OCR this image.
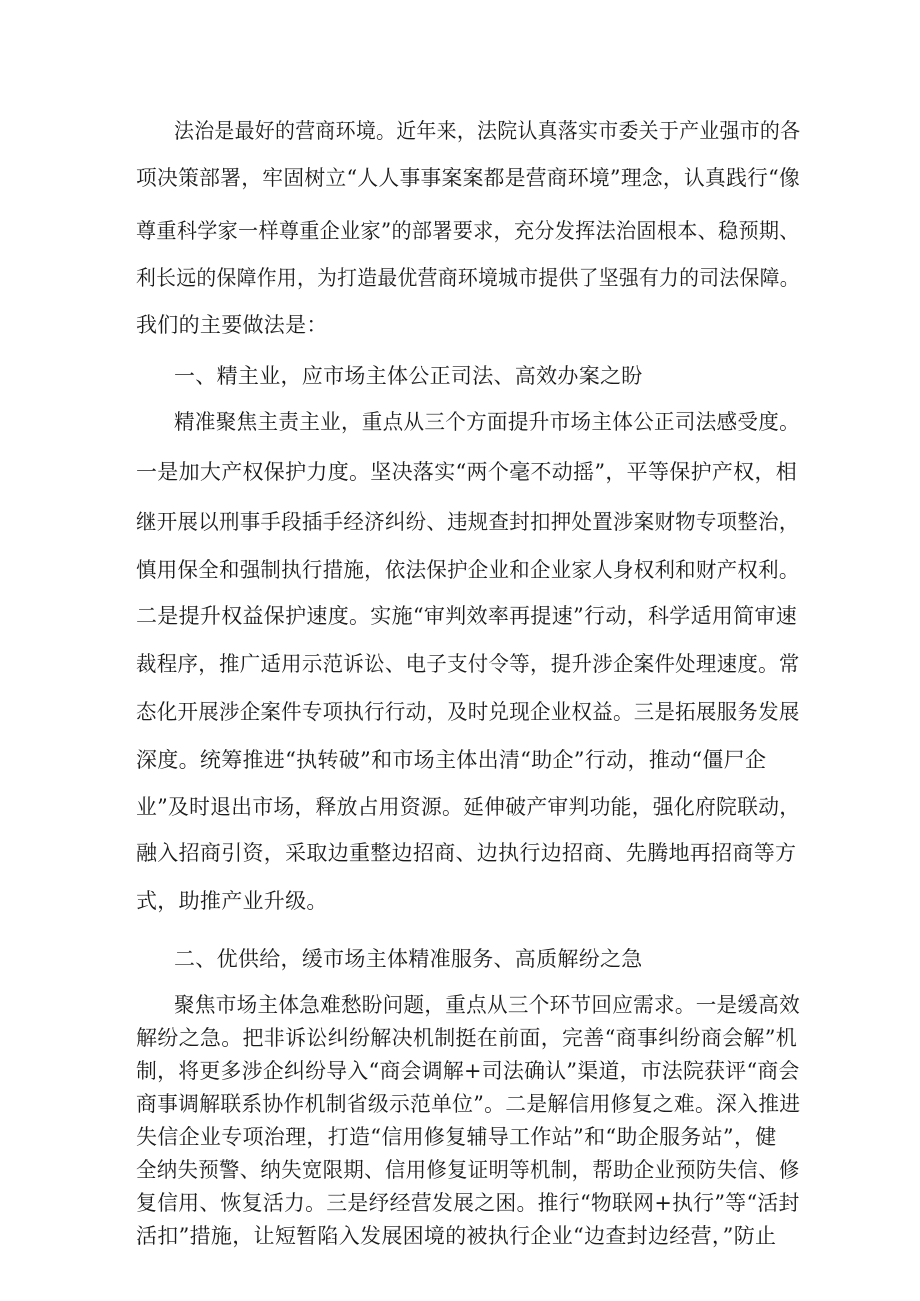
法治是最好的营商环境。近年来，法院认真落实市委关于产业强市的各

项决策部署，牢固树立“人人事事案案都是营商环境”理念，认真践行“像

尊重科学家一样尊重企业家”的部署要求，充分发挥法治固根本、稳预期、

利长远的保障作用，为打造最优营商环境城市提供了坚强有力的司法保障。

我们的主要做法是：

一、精主业，应市场主体公正司法、高效办案之盼

精准聚焦主责主业，重点从三个方面提升市场主体公正司法感受度。

一是加大产权保护力度。坚决落实“两个毫不动摇”，平等保护产权，相

继开展以刑事手段插手经济纠纷、违规查封扣押处置涉案财物专项整治，

慎用保全和强制执行措施，依法保护企业和企业家人身权利和财产权利。

二是提升权益保护速度。实施“审判效率再提速”行动，科学适用简审速

裁程序，推广适用示范诉讼、电子支付令等，提升涉企案件处理速度。常

态化开展涉企案件专项执行行动，及时兑现企业权益。三是拓展服务发展

深度。统筹推进“执转破”和市场主体出清“助企”行动，推动“僵尸企

业”及时退出市场，释放占用资源。延伸破产审判功能，强化府院联动，

融入招商引资，采取边重整边招商、边执行边招商、先腾地再招商等方

式，助推产业升级。

二、优供给，缓市场主体精准服务、高质解纷之急

聚焦市场主体急难愁盼问题，重点从三个环节回应需求。一是缓高效

解纷之急。把非诉讼纠纷解决机制挺在前面，完善“商事纠纷商会解”机

制，将更多涉企纠纷导入“商会调解+司法确认”渠道，市法院获评“商会

商事调解联系协作机制省级示范单位”。二是解信用修复之难。深入推进

失信企业专项治理，打造“信用修复辅导工作站”和“助企服务站”，健

全纳失预警、纳失宽限期、信用修复证明等机制，帮助企业预防失信、修

复信用、恢复活力。三是纾经营发展之困。推行“物联网+执行”等“活封

活扣”措施，让短暂陷入发展困境的被执行企业“边查封边经营，”防止
